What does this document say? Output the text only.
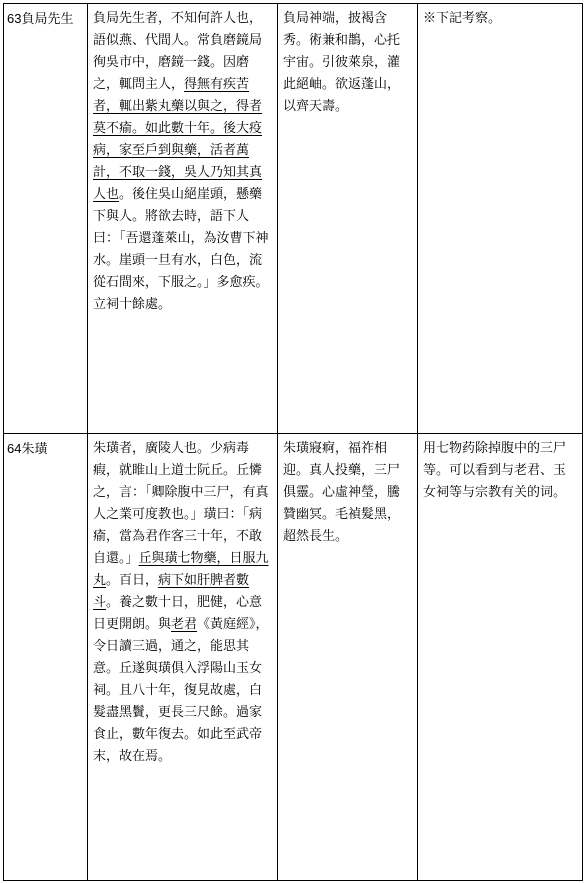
63負局先生	負局先生者，不知何許人也，語似燕、代間人。常負磨鏡局徇吳市中，磨鏡一錢。因磨之，輒問主人，得無有疾苦者，輒出紫丸藥以與之，得者莫不瘉。如此數十年。後大疫病，家至戶到與藥，活者萬計，不取一錢，吳人乃知其真人也。後住吳山絕崖頭，懸藥下與人。將欲去時，語下人曰：「吾還蓬萊山，為汝曹下神水。崖頭一旦有水，白色，流從石間來，下服之。」多愈疾。立祠十餘處。	負局神端，披褐含秀。術兼和鵲，心托宇宙。引彼萊泉，灌此絕岫。欲返蓬山，以齊天壽。	※下記考察。
64朱璜	朱璜者，廣陵人也。少病毒瘕，就睢山上道士阮丘。丘憐之，言：「卿除腹中三尸，有真人之業可度教也。」璜曰：「病瘉，當為君作客三十年，不敢自還。」丘與璜七物藥，日服九丸。百日，病下如肝脾者數斗。養之數十日，肥健，心意日更開朗。與老君《黃庭經》，令日讀三過，通之，能思其意。丘遂與璜俱入浮陽山玉女祠。且八十年，復見故處，白髮盡黑鬢，更長三尺餘。過家食止，數年復去。如此至武帝末，故在焉。	朱璜寢痾，福祚相迎。真人投藥，三尸俱靈。心虛神瑩，騰贊幽冥。毛禎髮黑，超然長生。	用七物药除掉腹中的三尸等。可以看到与老君、玉女祠等与宗教有关的词。
